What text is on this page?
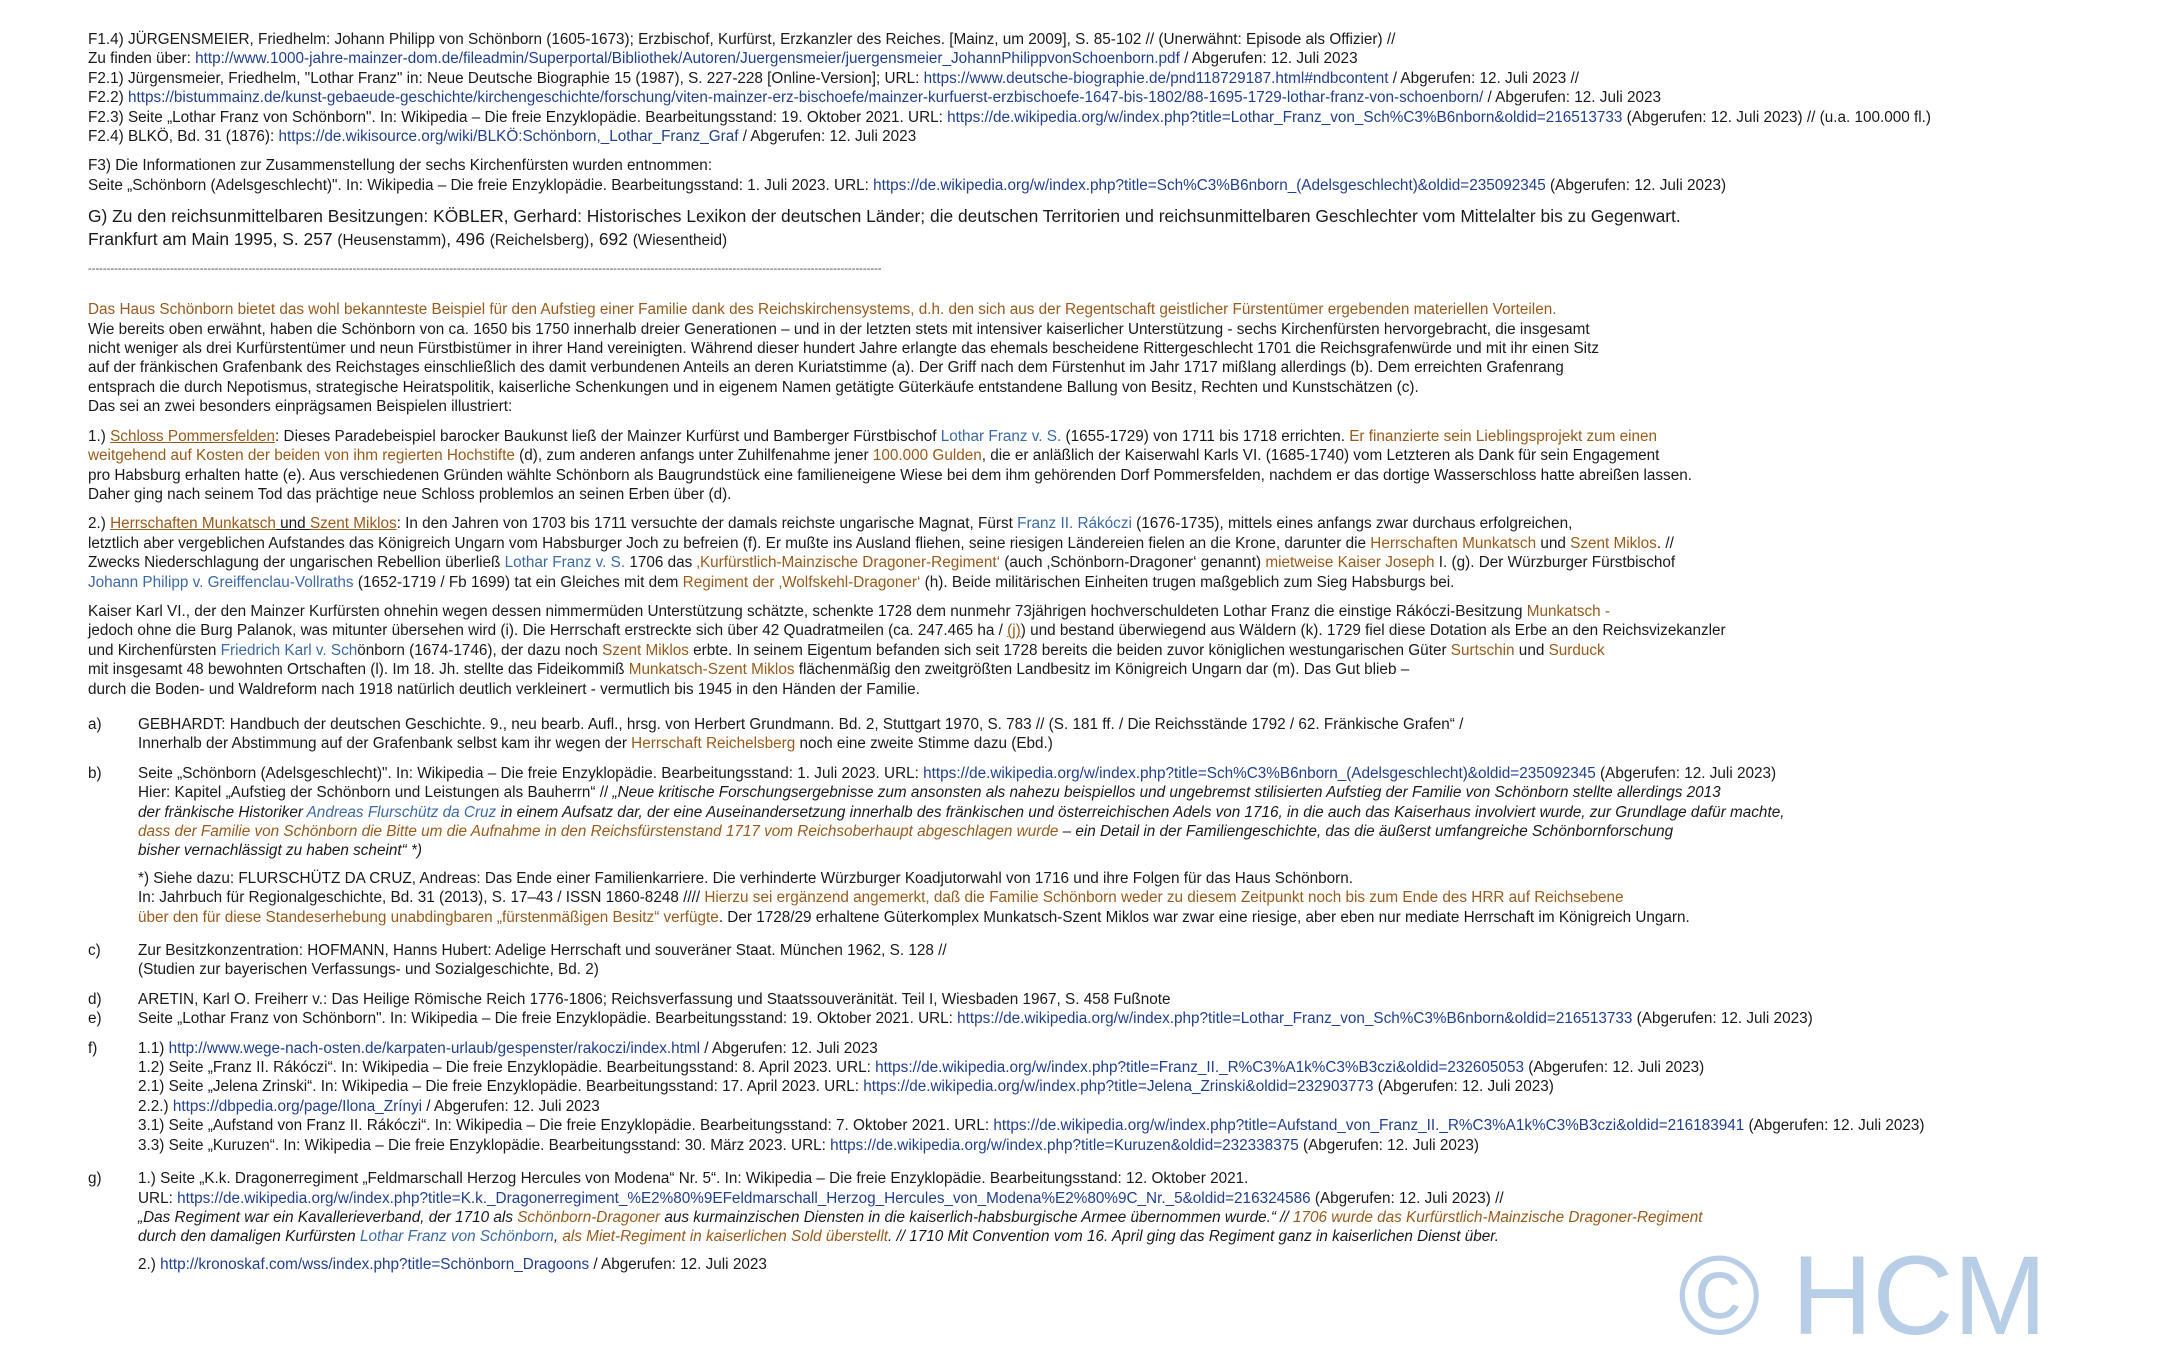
F1.4) JÜRGENSMEIER, Friedhelm: Johann Philipp von Schönborn (1605-1673); Erzbischof, Kurfürst, Erzkanzler des Reiches. [Mainz, um 2009], S. 85-102 // (Unerwähnt: Episode als Offizier) //
Zu finden über: http://www.1000-jahre-mainzer-dom.de/fileadmin/Superportal/Bibliothek/Autoren/Juergensmeier/juergensmeier_JohannPhilippvonSchoenborn.pdf / Abgerufen: 12. Juli 2023
F2.1) Jürgensmeier, Friedhelm, "Lothar Franz" in: Neue Deutsche Biographie 15 (1987), S. 227-228 [Online-Version]; URL: https://www.deutsche-biographie.de/pnd118729187.html#ndbcontent / Abgerufen: 12. Juli 2023 //
F2.2) https://bistummainz.de/kunst-gebaeude-geschichte/kirchengeschichte/forschung/viten-mainzer-erz-bischoefe/mainzer-kurfuerst-erzbischoefe-1647-bis-1802/88-1695-1729-lothar-franz-von-schoenborn/ / Abgerufen: 12. Juli 2023
F2.3) Seite „Lothar Franz von Schönborn". In: Wikipedia – Die freie Enzyklopädie. Bearbeitungsstand: 19. Oktober 2021. URL: https://de.wikipedia.org/w/index.php?title=Lothar_Franz_von_Sch%C3%B6nborn&oldid=216513733 (Abgerufen: 12. Juli 2023) // (u.a. 100.000 fl.)
F2.4) BLKÖ, Bd. 31 (1876): https://de.wikisource.org/wiki/BLKÖ:Schönborn,_Lothar_Franz_Graf / Abgerufen: 12. Juli 2023
F3) Die Informationen zur Zusammenstellung der sechs Kirchenfürsten wurden entnommen:
Seite „Schönborn (Adelsgeschlecht)". In: Wikipedia – Die freie Enzyklopädie. Bearbeitungsstand: 1. Juli 2023. URL: https://de.wikipedia.org/w/index.php?title=Sch%C3%B6nborn_(Adelsgeschlecht)&oldid=235092345 (Abgerufen: 12. Juli 2023)
G) Zu den reichsunmittelbaren Besitzungen: KÖBLER, Gerhard: Historisches Lexikon der deutschen Länder; die deutschen Territorien und reichsunmittelbaren Geschlechter vom Mittelalter bis zu Gegenwart.
Frankfurt am Main 1995, S. 257 (Heusenstamm), 496 (Reichelsberg), 692 (Wiesentheid)
---------------------------------------------------------------------------------------------------------------------------------------------------------------------------------------------------------------------
Das Haus Schönborn bietet das wohl bekannteste Beispiel für den Aufstieg einer Familie dank des Reichskirchensystems, d.h. den sich aus der Regentschaft geistlicher Fürstentümer ergebenden materiellen Vorteilen.
Wie bereits oben erwähnt, haben die Schönborn von ca. 1650 bis 1750 innerhalb dreier Generationen – und in der letzten stets mit intensiver kaiserlicher Unterstützung - sechs Kirchenfürsten hervorgebracht, die insgesamt
nicht weniger als drei Kurfürstentümer und neun Fürstbistümer in ihrer Hand vereinigten. Während dieser hundert Jahre erlangte das ehemals bescheidene Rittergeschlecht 1701 die Reichsgrafenwürde und mit ihr einen Sitz
auf der fränkischen Grafenbank des Reichstages einschließlich des damit verbundenen Anteils an deren Kuriatstimme (a). Der Griff nach dem Fürstenhut im Jahr 1717 mißlang allerdings (b). Dem erreichten Grafenrang
entsprach die durch Nepotismus, strategische Heiratspolitik, kaiserliche Schenkungen und in eigenem Namen getätigte Güterkäufe entstandene Ballung von Besitz, Rechten und Kunstschätzen (c).
Das sei an zwei besonders einprägsamen Beispielen illustriert:
1.) Schloss Pommersfelden: Dieses Paradebeispiel barocker Baukunst ließ der Mainzer Kurfürst und Bamberger Fürstbischof Lothar Franz v. S. (1655-1729) von 1711 bis 1718 errichten. Er finanzierte sein Lieblingsprojekt zum einen
weitgehend auf Kosten der beiden von ihm regierten Hochstifte (d), zum anderen anfangs unter Zuhilfenahme jener 100.000 Gulden, die er anläßlich der Kaiserwahl Karls VI. (1685-1740) vom Letzteren als Dank für sein Engagement
pro Habsburg erhalten hatte (e). Aus verschiedenen Gründen wählte Schönborn als Baugrundstück eine familieneigene Wiese bei dem ihm gehörenden Dorf Pommersfelden, nachdem er das dortige Wasserschloss hatte abreißen lassen.
Daher ging nach seinem Tod das prächtige neue Schloss problemlos an seinen Erben über (d).
2.) Herrschaften Munkatsch und Szent Miklos: In den Jahren von 1703 bis 1711 versuchte der damals reichste ungarische Magnat, Fürst Franz II. Rákóczi (1676-1735), mittels eines anfangs zwar durchaus erfolgreichen,
letztlich aber vergeblichen Aufstandes das Königreich Ungarn vom Habsburger Joch zu befreien (f). Er mußte ins Ausland fliehen, seine riesigen Ländereien fielen an die Krone, darunter die Herrschaften Munkatsch und Szent Miklos. //
Zwecks Niederschlagung der ungarischen Rebellion überließ Lothar Franz v. S. 1706 das ‚Kurfürstlich-Mainzische Dragoner-Regiment‘ (auch ‚Schönborn-Dragoner‘ genannt) mietweise Kaiser Joseph I. (g). Der Würzburger Fürstbischof
Johann Philipp v. Greiffenclau-Vollraths (1652-1719 / Fb 1699) tat ein Gleiches mit dem Regiment der ‚Wolfskehl-Dragoner‘ (h). Beide militärischen Einheiten trugen maßgeblich zum Sieg Habsburgs bei.
Kaiser Karl VI., der den Mainzer Kurfürsten ohnehin wegen dessen nimmermüden Unterstützung schätzte, schenkte 1728 dem nunmehr 73jährigen hochverschuldeten Lothar Franz die einstige Rákóczi-Besitzung Munkatsch -
jedoch ohne die Burg Palanok, was mitunter übersehen wird (i). Die Herrschaft erstreckte sich über 42 Quadratmeilen (ca. 247.465 ha / (j)) und bestand überwiegend aus Wäldern (k). 1729 fiel diese Dotation als Erbe an den Reichsvizekanzler
und Kirchenfürsten Friedrich Karl v. Schönborn (1674-1746), der dazu noch Szent Miklos erbte. In seinem Eigentum befanden sich seit 1728 bereits die beiden zuvor königlichen westungarischen Güter Surtschin und Surduck
mit insgesamt 48 bewohnten Ortschaften (l). Im 18. Jh. stellte das Fideikommiß Munkatsch-Szent Miklos flächenmäßig den zweitgrößten Landbesitz im Königreich Ungarn dar (m). Das Gut blieb –
durch die Boden- und Waldreform nach 1918 natürlich deutlich verkleinert - vermutlich bis 1945 in den Händen der Familie.
a)	GEBHARDT: Handbuch der deutschen Geschichte. 9., neu bearb. Aufl., hrsg. von Herbert Grundmann. Bd. 2, Stuttgart 1970, S. 783 // (S. 181 ff. / Die Reichsstände 1792 / 62. Fränkische Grafen“ /
Innerhalb der Abstimmung auf der Grafenbank selbst kam ihr wegen der Herrschaft Reichelsberg noch eine zweite Stimme dazu (Ebd.)
b)	Seite „Schönborn (Adelsgeschlecht)". In: Wikipedia – Die freie Enzyklopädie. Bearbeitungsstand: 1. Juli 2023. URL: https://de.wikipedia.org/w/index.php?title=Sch%C3%B6nborn_(Adelsgeschlecht)&oldid=235092345 (Abgerufen: 12. Juli 2023)
Hier: Kapitel „Aufstieg der Schönborn und Leistungen als Bauherrn“ // „Neue kritische Forschungsergebnisse zum ansonsten als nahezu beispiellos und ungebremst stilisierten Aufstieg der Familie von Schönborn stellte allerdings 2013
der fränkische Historiker Andreas Flurschütz da Cruz in einem Aufsatz dar, der eine Auseinandersetzung innerhalb des fränkischen und österreichischen Adels von 1716, in die auch das Kaiserhaus involviert wurde, zur Grundlage dafür machte,
dass der Familie von Schönborn die Bitte um die Aufnahme in den Reichsfürstenstand 1717 vom Reichsoberhaupt abgeschlagen wurde – ein Detail in der Familiengeschichte, das die äußerst umfangreiche Schönbornforschung
bisher vernachlässigt zu haben scheint“ *)
*) Siehe dazu: FLURSCHÜTZ DA CRUZ, Andreas: Das Ende einer Familienkarriere. Die verhinderte Würzburger Koadjutorwahl von 1716 und ihre Folgen für das Haus Schönborn.
In: Jahrbuch für Regionalgeschichte, Bd. 31 (2013), S. 17–43 / ISSN 1860-8248 //// Hierzu sei ergänzend angemerkt, daß die Familie Schönborn weder zu diesem Zeitpunkt noch bis zum Ende des HRR auf Reichsebene
über den für diese Standeserhebung unabdingbaren „fürstenmäßigen Besitz“ verfügte. Der 1728/29 erhaltene Güterkomplex Munkatsch-Szent Miklos war zwar eine riesige, aber eben nur mediate Herrschaft im Königreich Ungarn.
c)	Zur Besitzkonzentration: HOFMANN, Hanns Hubert: Adelige Herrschaft und souveräner Staat. München 1962, S. 128 //
(Studien zur bayerischen Verfassungs- und Sozialgeschichte, Bd. 2)
d)	ARETIN, Karl O. Freiherr v.: Das Heilige Römische Reich 1776-1806; Reichsverfassung und Staatssouveränität. Teil I, Wiesbaden 1967, S. 458 Fußnote
e)	Seite „Lothar Franz von Schönborn". In: Wikipedia – Die freie Enzyklopädie. Bearbeitungsstand: 19. Oktober 2021. URL: https://de.wikipedia.org/w/index.php?title=Lothar_Franz_von_Sch%C3%B6nborn&oldid=216513733 (Abgerufen: 12. Juli 2023)
f)	1.1) http://www.wege-nach-osten.de/karpaten-urlaub/gespenster/rakoczi/index.html / Abgerufen: 12. Juli 2023
1.2) Seite „Franz II. Rákóczi“. In: Wikipedia – Die freie Enzyklopädie. Bearbeitungsstand: 8. April 2023. URL: https://de.wikipedia.org/w/index.php?title=Franz_II._R%C3%A1k%C3%B3czi&oldid=232605053 (Abgerufen: 12. Juli 2023)
2.1) Seite „Jelena Zrinski“. In: Wikipedia – Die freie Enzyklopädie. Bearbeitungsstand: 17. April 2023. URL: https://de.wikipedia.org/w/index.php?title=Jelena_Zrinski&oldid=232903773 (Abgerufen: 12. Juli 2023)
2.2.) https://dbpedia.org/page/Ilona_Zrínyi / Abgerufen: 12. Juli 2023
3.1) Seite „Aufstand von Franz II. Rákóczi“. In: Wikipedia – Die freie Enzyklopädie. Bearbeitungsstand: 7. Oktober 2021. URL: https://de.wikipedia.org/w/index.php?title=Aufstand_von_Franz_II._R%C3%A1k%C3%B3czi&oldid=216183941 (Abgerufen: 12. Juli 2023)
3.3) Seite „Kuruzen“. In: Wikipedia – Die freie Enzyklopädie. Bearbeitungsstand: 30. März 2023. URL: https://de.wikipedia.org/w/index.php?title=Kuruzen&oldid=232338375 (Abgerufen: 12. Juli 2023)
g)	1.) Seite „K.k. Dragonerregiment „Feldmarschall Herzog Hercules von Modena“ Nr. 5“. In: Wikipedia – Die freie Enzyklopädie. Bearbeitungsstand: 12. Oktober 2021.
URL: https://de.wikipedia.org/w/index.php?title=K.k._Dragonerregiment_%E2%80%9EFeldmarschall_Herzog_Hercules_von_Modena%E2%80%9C_Nr._5&oldid=216324586 (Abgerufen: 12. Juli 2023) //
„Das Regiment war ein Kavallerieverband, der 1710 als Schönborn-Dragoner aus kurmainzischen Diensten in die kaiserlich-habsburgische Armee übernommen wurde.“ // 1706 wurde das Kurfürstlich-Mainzische Dragoner-Regiment
durch den damaligen Kurfürsten Lothar Franz von Schönborn, als Miet-Regiment in kaiserlichen Sold überstellt. // 1710 Mit Convention vom 16. April ging das Regiment ganz in kaiserlichen Dienst über.
2.) http://kronoskaf.com/wss/index.php?title=Schönborn_Dragoons / Abgerufen: 12. Juli 2023	© HCM
